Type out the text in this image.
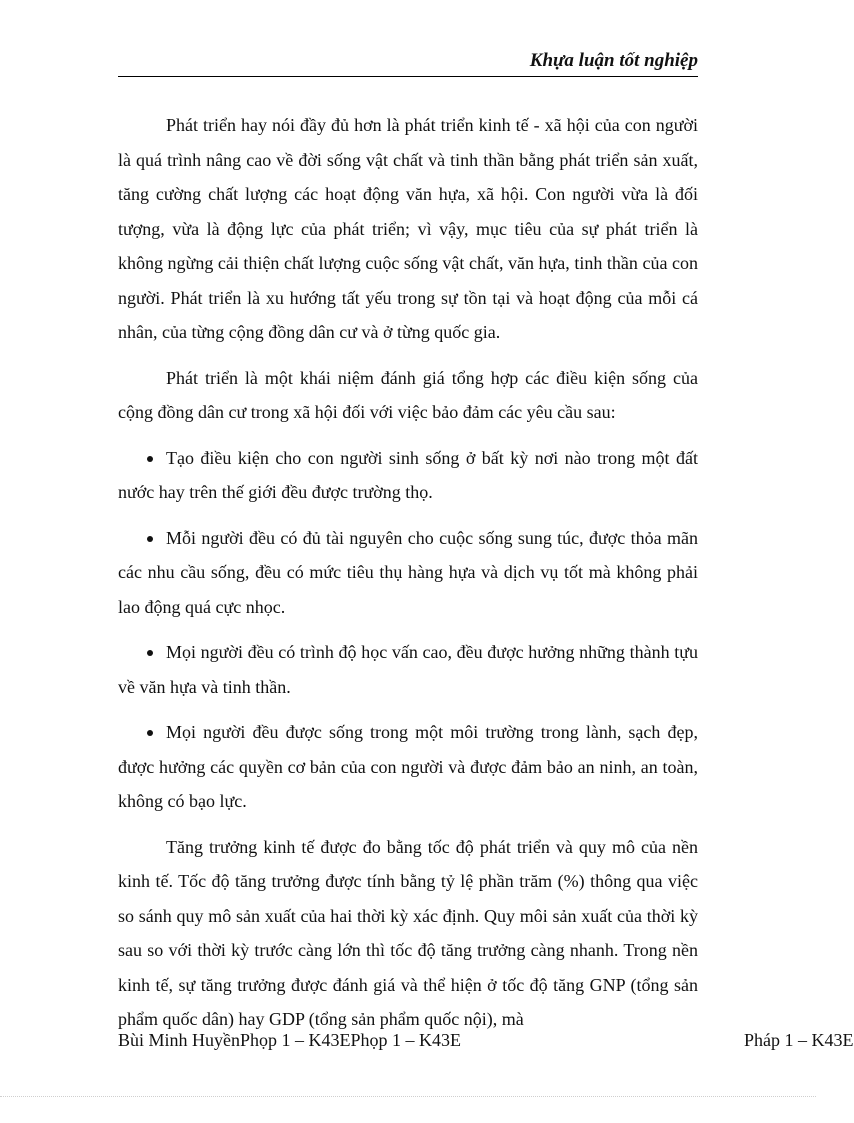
Khựa luận tốt nghiệp

Phát triển hay nói đầy đủ hơn là phát triển kinh tế - xã hội của con người là quá trình nâng cao về đời sống vật chất và tinh thần bằng phát triển sản xuất, tăng cường chất lượng các hoạt động văn hựa, xã hội. Con người vừa là đối tượng, vừa là động lực của phát triển; vì vậy, mục tiêu của sự phát triển là không ngừng cải thiện chất lượng cuộc sống vật chất, văn hựa, tinh thần của con người. Phát triển là xu hướng tất yếu trong sự tồn tại và hoạt động của mỗi cá nhân, của từng cộng đồng dân cư và ở từng quốc gia.

Phát triển là một khái niệm đánh giá tổng hợp các điều kiện sống của cộng đồng dân cư trong xã hội đối với việc bảo đảm các yêu cầu sau:

Tạo điều kiện cho con người sinh sống ở bất kỳ nơi nào trong một đất nước hay trên thế giới đều được trường thọ.

Mỗi người đều có đủ tài nguyên cho cuộc sống sung túc, được thỏa mãn các nhu cầu sống, đều có mức tiêu thụ hàng hựa và dịch vụ tốt mà không phải lao động quá cực nhọc.

Mọi người đều có trình độ học vấn cao, đều được hưởng những thành tựu về văn hựa và tinh thần.

Mọi người đều được sống trong một môi trường trong lành, sạch đẹp, được hưởng các quyền cơ bản của con người và được đảm bảo an ninh, an toàn, không có bạo lực.

Tăng trưởng kinh tế được đo bằng tốc độ phát triển và quy mô của nền kinh tế. Tốc độ tăng trưởng được tính bằng tỷ lệ phần trăm (%) thông qua việc so sánh quy mô sản xuất của hai thời kỳ xác định. Quy môi sản xuất của thời kỳ sau so với thời kỳ trước càng lớn thì tốc độ tăng trưởng càng nhanh. Trong nền kinh tế, sự tăng trưởng được đánh giá và thể hiện ở tốc độ tăng GNP (tổng sản phẩm quốc dân) hay GDP (tổng sản phẩm quốc nội), mà

Bùi Minh HuyềnPhọp 1 – K43EPhọp 1 – K43E	Pháp 1 – K43E
